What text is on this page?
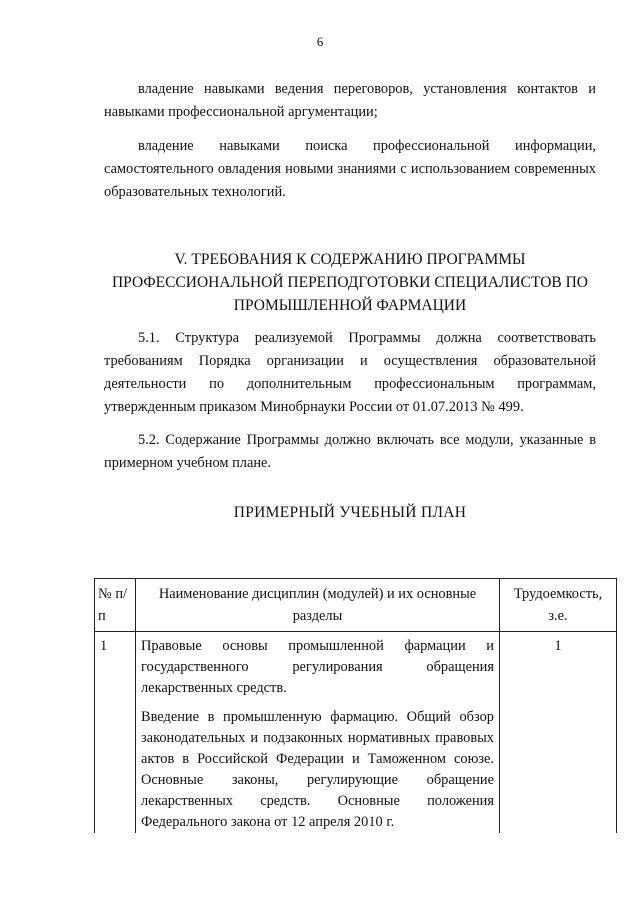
6

владение навыками ведения переговоров, установления контактов и навыками профессиональной аргументации;

владение навыками поиска профессиональной информации, самостоятельного овладения новыми знаниями с использованием современных образовательных технологий.

V. ТРЕБОВАНИЯ К СОДЕРЖАНИЮ ПРОГРАММЫ
ПРОФЕССИОНАЛЬНОЙ ПЕРЕПОДГОТОВКИ СПЕЦИАЛИСТОВ ПО
ПРОМЫШЛЕННОЙ ФАРМАЦИИ

5.1. Структура реализуемой Программы должна соответствовать требованиям Порядка организации и осуществления образовательной деятельности по дополнительным профессиональным программам, утвержденным приказом Минобрнауки России от 01.07.2013 № 499.

5.2. Содержание Программы должно включать все модули, указанные в примерном учебном плане.

ПРИМЕРНЫЙ УЧЕБНЫЙ ПЛАН
№ п/п	Наименование дисциплин (модулей) и их основные разделы	Трудоемкость, з.е.
1	Правовые основы промышленной фармации и государственного регулирования обращения лекарственных средств.

Введение в промышленную фармацию. Общий обзор законодательных и подзаконных нормативных правовых актов в Российской Федерации и Таможенном союзе. Основные законы, регулирующие обращение лекарственных средств. Основные положения Федерального закона от 12 апреля 2010 г.	1
